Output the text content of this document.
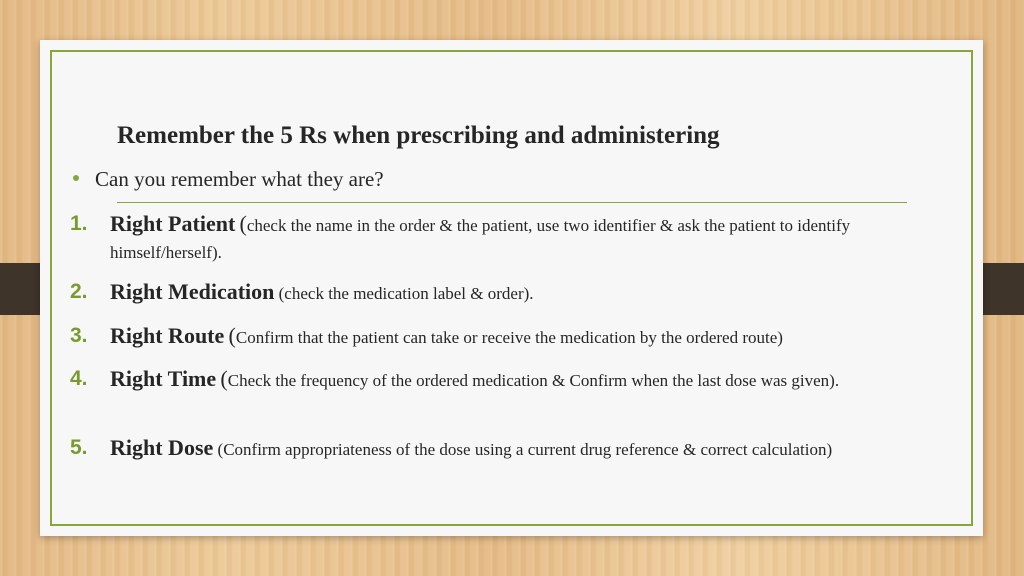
Remember the 5 Rs when prescribing and administering
Can you remember what they are?
1. Right Patient (check the name in the order & the patient, use two identifier & ask the patient to identify himself/herself).
2. Right Medication (check the medication label & order).
3. Right Route (Confirm that the patient can take or receive the medication by the ordered route)
4. Right Time (Check the frequency of the ordered medication & Confirm when the last dose was given).
5. Right Dose (Confirm appropriateness of the dose using a current drug reference & correct calculation)
